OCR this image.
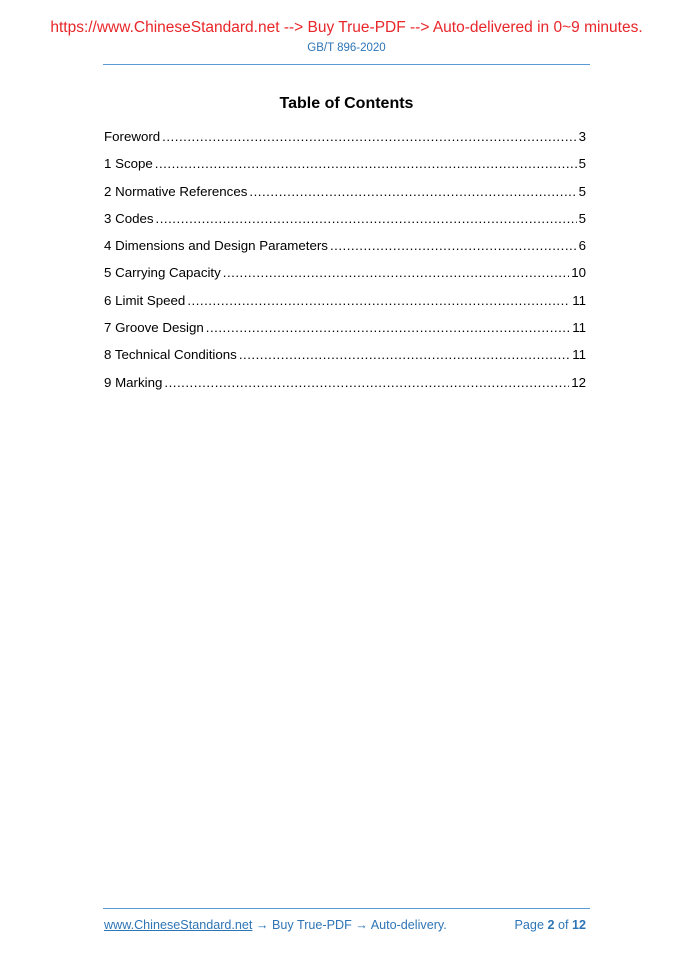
https://www.ChineseStandard.net --> Buy True-PDF --> Auto-delivered in 0~9 minutes.
GB/T 896-2020
Table of Contents
Foreword .....	3
1 Scope .....	5
2 Normative References .....	5
3 Codes .....	5
4 Dimensions and Design Parameters .....	6
5 Carrying Capacity .....	10
6 Limit Speed .....	11
7 Groove Design .....	11
8 Technical Conditions .....	11
9 Marking .....	12
www.ChineseStandard.net → Buy True-PDF → Auto-delivery.	Page 2 of 12
